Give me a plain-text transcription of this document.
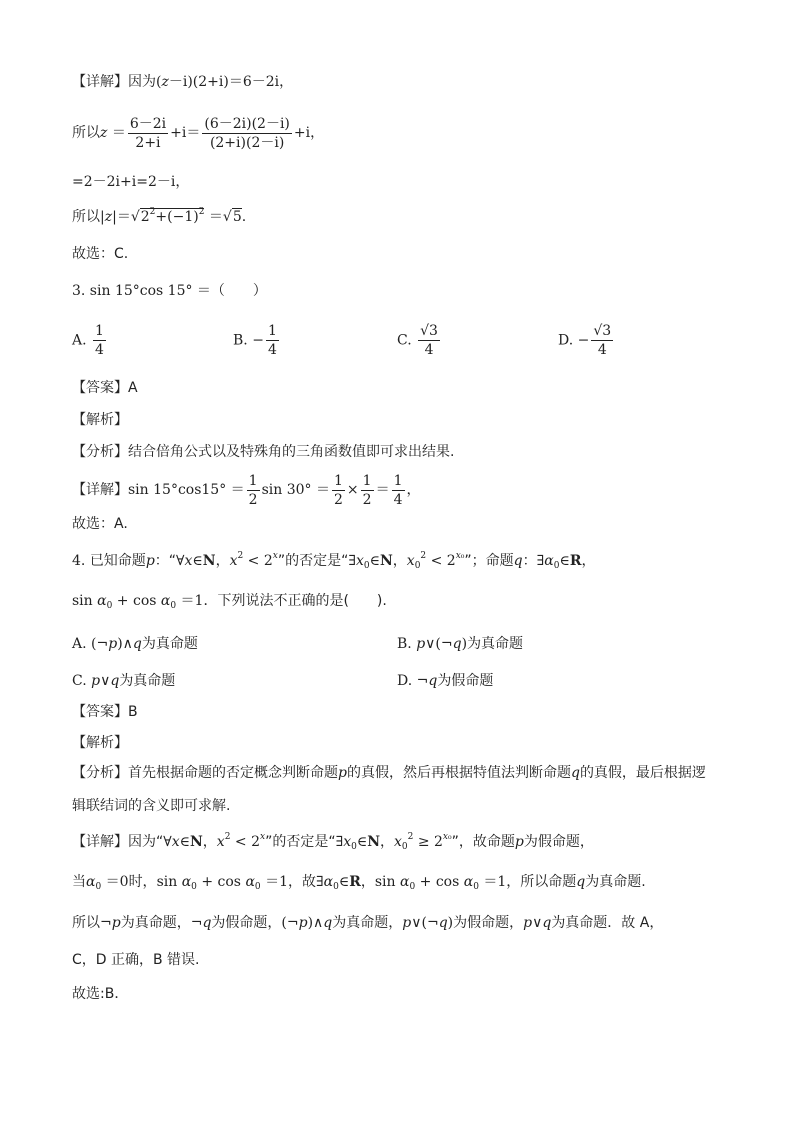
【详解】因为(z－i)(2+i)＝6－2i，
所以$z = \frac{6-2i}{2+i} +i= \frac{(6-2i)(2-i)}{(2+i)(2-i)} +i$，
=2－2i+i=2－i，
所以$|z|=√2^2+(-1)^2 =√5$.
故选：C.
3. sin 15°cos 15° ＝（　　）
A. $\frac{1}{4}$	B. − $\frac{1}{4}$	C. $\frac{√3}{4}$	D. − $\frac{√3}{4}$
【答案】A
【解析】
【分析】结合倍角公式以及特殊角的三角函数值即可求出结果.
【详解】$\sin 15^\circ\cos 15^\circ = \frac{1}{2}$ $\sin 30^\circ = \frac{1}{2} \times \frac{1}{2} = \frac{1}{4}$ ，
故选：A.
4. 已知命题p：“∀x∈N，$x^2 < 2^x$”的否定是“$\exists x_0\in N$，$x_0^2 < 2^{x_0}$”；命题q：$\exists\alpha_0\in R$，
$\sin \alpha_0 + \cos \alpha_0 =1$．下列说法不正确的是(　　).
A. (¬p)∧q为真命题	B. p∨(¬q)为真命题
C. p∨q为真命题	D. ¬q为假命题
【答案】B
【解析】
【分析】首先根据命题的否定概念判断命题p的真假，然后再根据特值法判断命题q的真假，最后根据逻
辑联结词的含义即可求解.
【详解】因为“∀x∈N，$x^2 < 2^x$”的否定是“$\exists x_0\in N$，$x_0^2 \ge 2^{x_0}$”，故命题p为假命题，
当$\alpha_0 =0$时，$\sin \alpha_0 + \cos \alpha_0 =1$，故$\exists\alpha_0\in R$，$\sin \alpha_0 + \cos \alpha_0 =1$，所以命题q为真命题.
所以¬p为真命题，¬q为假命题，(¬p)∧q为真命题，p∨(¬q)为假命题，p∨q为真命题．故 A，
C，D 正确，B 错误.
故选:B．
